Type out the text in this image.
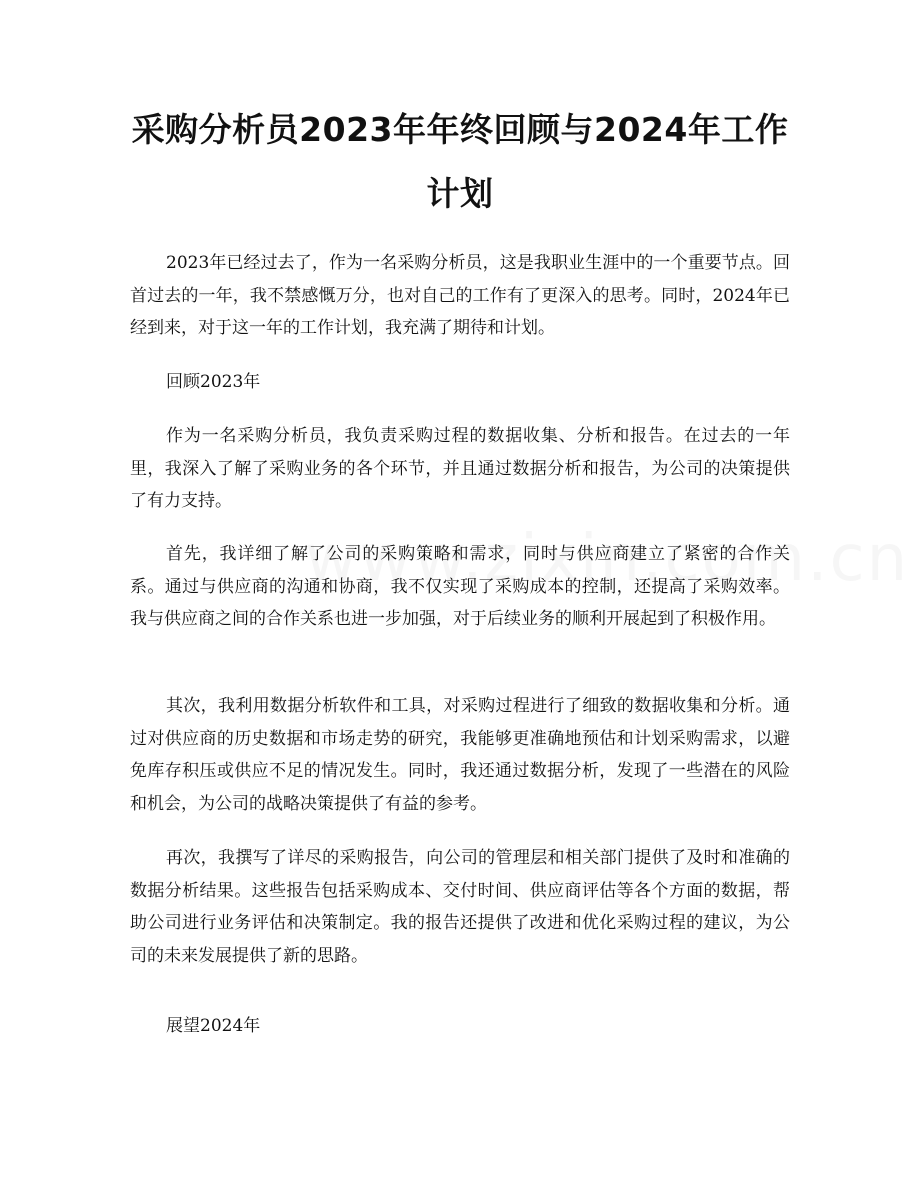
采购分析员2023年年终回顾与2024年工作计划

2023年已经过去了，作为一名采购分析员，这是我职业生涯中的一个重要节点。回首过去的一年，我不禁感慨万分，也对自己的工作有了更深入的思考。同时，2024年已经到来，对于这一年的工作计划，我充满了期待和计划。

回顾2023年

作为一名采购分析员，我负责采购过程的数据收集、分析和报告。在过去的一年里，我深入了解了采购业务的各个环节，并且通过数据分析和报告，为公司的决策提供了有力支持。

首先，我详细了解了公司的采购策略和需求，同时与供应商建立了紧密的合作关系。通过与供应商的沟通和协商，我不仅实现了采购成本的控制，还提高了采购效率。我与供应商之间的合作关系也进一步加强，对于后续业务的顺利开展起到了积极作用。

其次，我利用数据分析软件和工具，对采购过程进行了细致的数据收集和分析。通过对供应商的历史数据和市场走势的研究，我能够更准确地预估和计划采购需求，以避免库存积压或供应不足的情况发生。同时，我还通过数据分析，发现了一些潜在的风险和机会，为公司的战略决策提供了有益的参考。

再次，我撰写了详尽的采购报告，向公司的管理层和相关部门提供了及时和准确的数据分析结果。这些报告包括采购成本、交付时间、供应商评估等各个方面的数据，帮助公司进行业务评估和决策制定。我的报告还提供了改进和优化采购过程的建议，为公司的未来发展提供了新的思路。

展望2024年
